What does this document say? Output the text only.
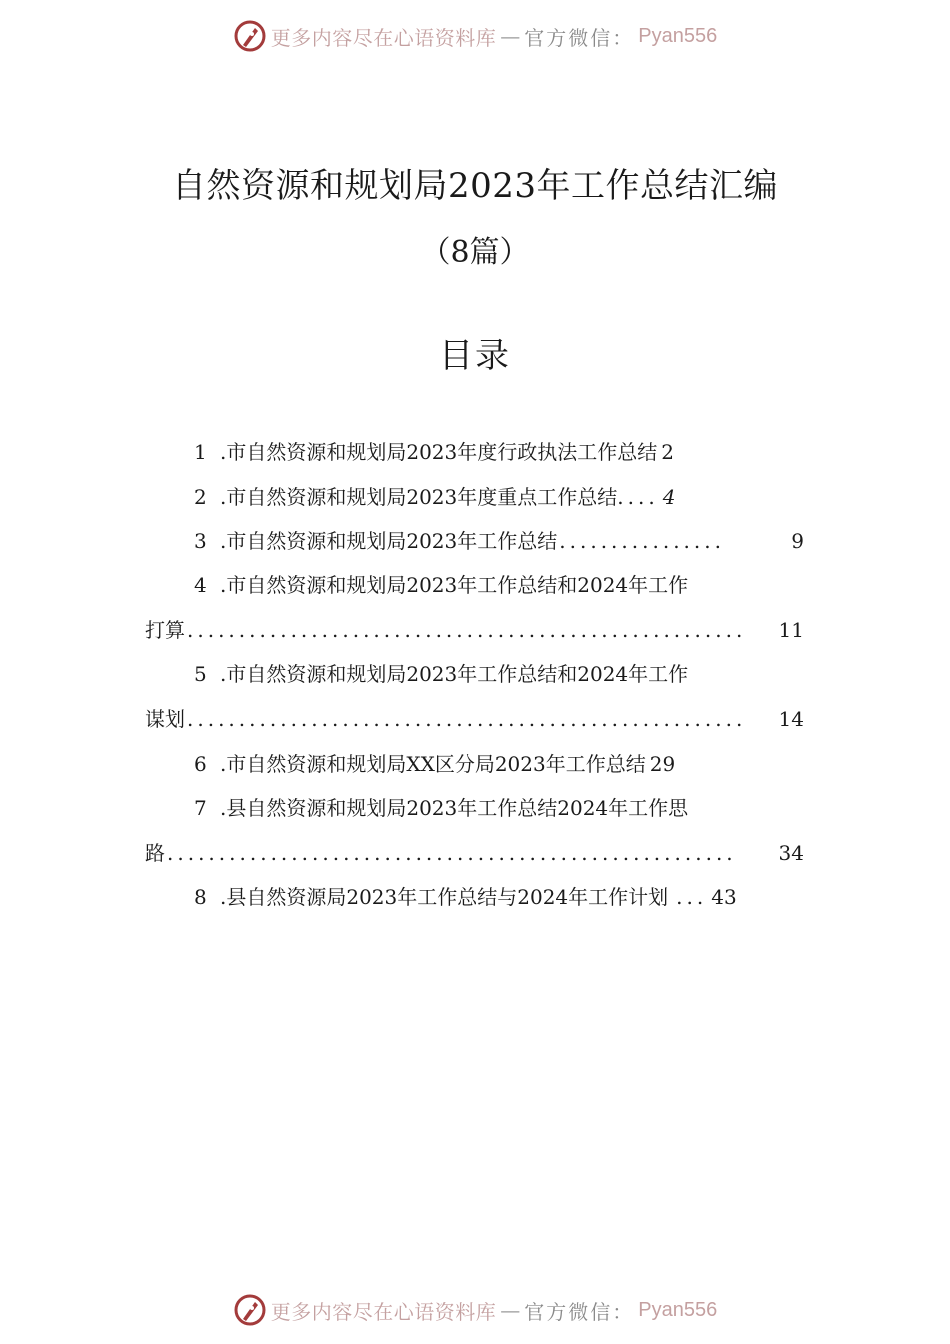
更多内容尽在心语资料库 — 官方微信： Pyan556
自然资源和规划局2023年工作总结汇编
（8篇）
目录
1 .市自然资源和规划局2023年度行政执法工作总结 2
2 .市自然资源和规划局2023年度重点工作总结 .... 4
3 .市自然资源和规划局2023年工作总结 ................	9
4 .市自然资源和规划局2023年工作总结和2024年工作
打算 ......................................................	11
5 .市自然资源和规划局2023年工作总结和2024年工作
谋划 ......................................................	14
6 .市自然资源和规划局XX区分局2023年工作总结 29
7 .县自然资源和规划局2023年工作总结2024年工作思
路 .......................................................	34
8 .县自然资源局2023年工作总结与2024年工作计划 ... 43
更多内容尽在心语资料库 — 官方微信： Pyan556
